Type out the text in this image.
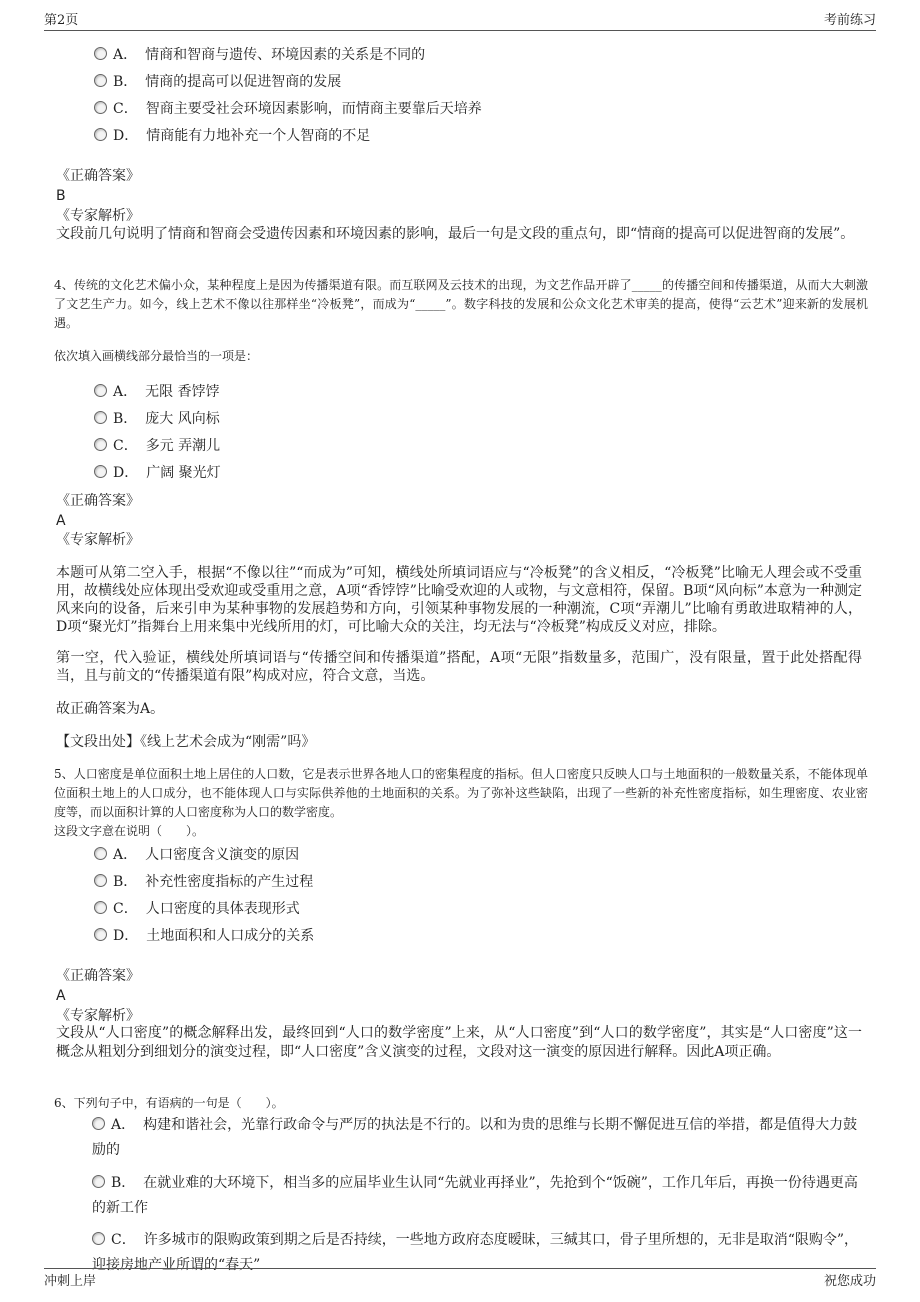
第2页	考前练习
A． 情商和智商与遗传、环境因素的关系是不同的
B． 情商的提高可以促进智商的发展
C． 智商主要受社会环境因素影响，而情商主要靠后天培养
D． 情商能有力地补充一个人智商的不足
《正确答案》
B
《专家解析》
文段前几句说明了情商和智商会受遗传因素和环境因素的影响，最后一句是文段的重点句，即“情商的提高可以促进智商的发展”。
4、传统的文化艺术偏小众，某种程度上是因为传播渠道有限。而互联网及云技术的出现，为文艺作品开辟了_____的传播空间和传播渠道，从而大大刺激了文艺生产力。如今，线上艺术不像以往那样坐“冷板凳”，而成为“_____”。数字科技的发展和公众文化艺术审美的提高，使得“云艺术”迎来新的发展机遇。
依次填入画横线部分最恰当的一项是：
A． 无限 香饽饽
B． 庞大 风向标
C． 多元 弄潮儿
D． 广阔 聚光灯
《正确答案》
A
《专家解析》
本题可从第二空入手，根据“不像以往”“而成为”可知，横线处所填词语应与“冷板凳”的含义相反，“冷板凳”比喻无人理会或不受重用，故横线处应体现出受欢迎或受重用之意，A项“香饽饽”比喻受欢迎的人或物，与文意相符，保留。B项“风向标”本意为一种测定风来向的设备，后来引申为某种事物的发展趋势和方向，引领某种事物发展的一种潮流，C项“弄潮儿”比喻有勇敢进取精神的人，D项“聚光灯”指舞台上用来集中光线所用的灯，可比喻大众的关注，均无法与“冷板凳”构成反义对应，排除。
第一空，代入验证，横线处所填词语与“传播空间和传播渠道”搭配，A项“无限”指数量多，范围广，没有限量，置于此处搭配得当，且与前文的“传播渠道有限”构成对应，符合文意，当选。
故正确答案为A。
【文段出处】《线上艺术会成为“刚需”吗》
5、人口密度是单位面积土地上居住的人口数，它是表示世界各地人口的密集程度的指标。但人口密度只反映人口与土地面积的一般数量关系，不能体现单位面积土地上的人口成分，也不能体现人口与实际供养他的土地面积的关系。为了弥补这些缺陷，出现了一些新的补充性密度指标，如生理密度、农业密度等，而以面积计算的人口密度称为人口的数学密度。
这段文字意在说明（　　）。
A． 人口密度含义演变的原因
B． 补充性密度指标的产生过程
C． 人口密度的具体表现形式
D． 土地面积和人口成分的关系
《正确答案》
A
《专家解析》
文段从“人口密度”的概念解释出发，最终回到“人口的数学密度”上来，从“人口密度”到“人口的数学密度”，其实是“人口密度”这一概念从粗划分到细划分的演变过程，即“人口密度”含义演变的过程，文段对这一演变的原因进行解释。因此A项正确。
6、下列句子中，有语病的一句是（　　）。
A． 构建和谐社会，光靠行政命令与严厉的执法是不行的。以和为贵的思维与长期不懈促进互信的举措，都是值得大力鼓励的
B． 在就业难的大环境下，相当多的应届毕业生认同“先就业再择业”，先抢到个“饭碗”，工作几年后，再换一份待遇更高的新工作
C． 许多城市的限购政策到期之后是否持续，一些地方政府态度暧昧，三缄其口，骨子里所想的，无非是取消“限购令”，迎接房地产业所谓的“春天”
冲刺上岸	祝您成功
